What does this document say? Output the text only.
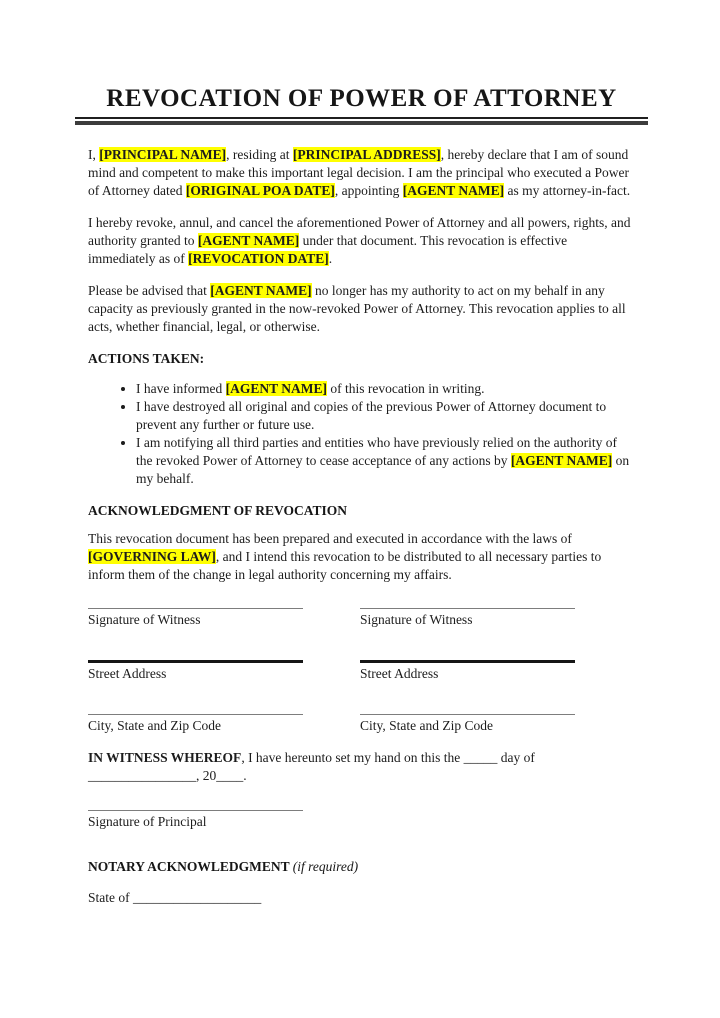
REVOCATION OF POWER OF ATTORNEY

I, [PRINCIPAL NAME], residing at [PRINCIPAL ADDRESS], hereby declare that I am of sound mind and competent to make this important legal decision. I am the principal who executed a Power of Attorney dated [ORIGINAL POA DATE], appointing [AGENT NAME] as my attorney-in-fact.

I hereby revoke, annul, and cancel the aforementioned Power of Attorney and all powers, rights, and authority granted to [AGENT NAME] under that document. This revocation is effective immediately as of [REVOCATION DATE].

Please be advised that [AGENT NAME] no longer has my authority to act on my behalf in any capacity as previously granted in the now-revoked Power of Attorney. This revocation applies to all acts, whether financial, legal, or otherwise.

ACTIONS TAKEN:
• I have informed [AGENT NAME] of this revocation in writing.
• I have destroyed all original and copies of the previous Power of Attorney document to prevent any further or future use.
• I am notifying all third parties and entities who have previously relied on the authority of the revoked Power of Attorney to cease acceptance of any actions by [AGENT NAME] on my behalf.
ACKNOWLEDGMENT OF REVOCATION

This revocation document has been prepared and executed in accordance with the laws of [GOVERNING LAW], and I intend this revocation to be distributed to all necessary parties to inform them of the change in legal authority concerning my affairs.

Signature of Witness	Signature of Witness
Street Address	Street Address
City, State and Zip Code	City, State and Zip Code

IN WITNESS WHEREOF, I have hereunto set my hand on this the _____ day of ________________, 20____.

Signature of Principal
NOTARY ACKNOWLEDGMENT (if required)

State of ___________________
